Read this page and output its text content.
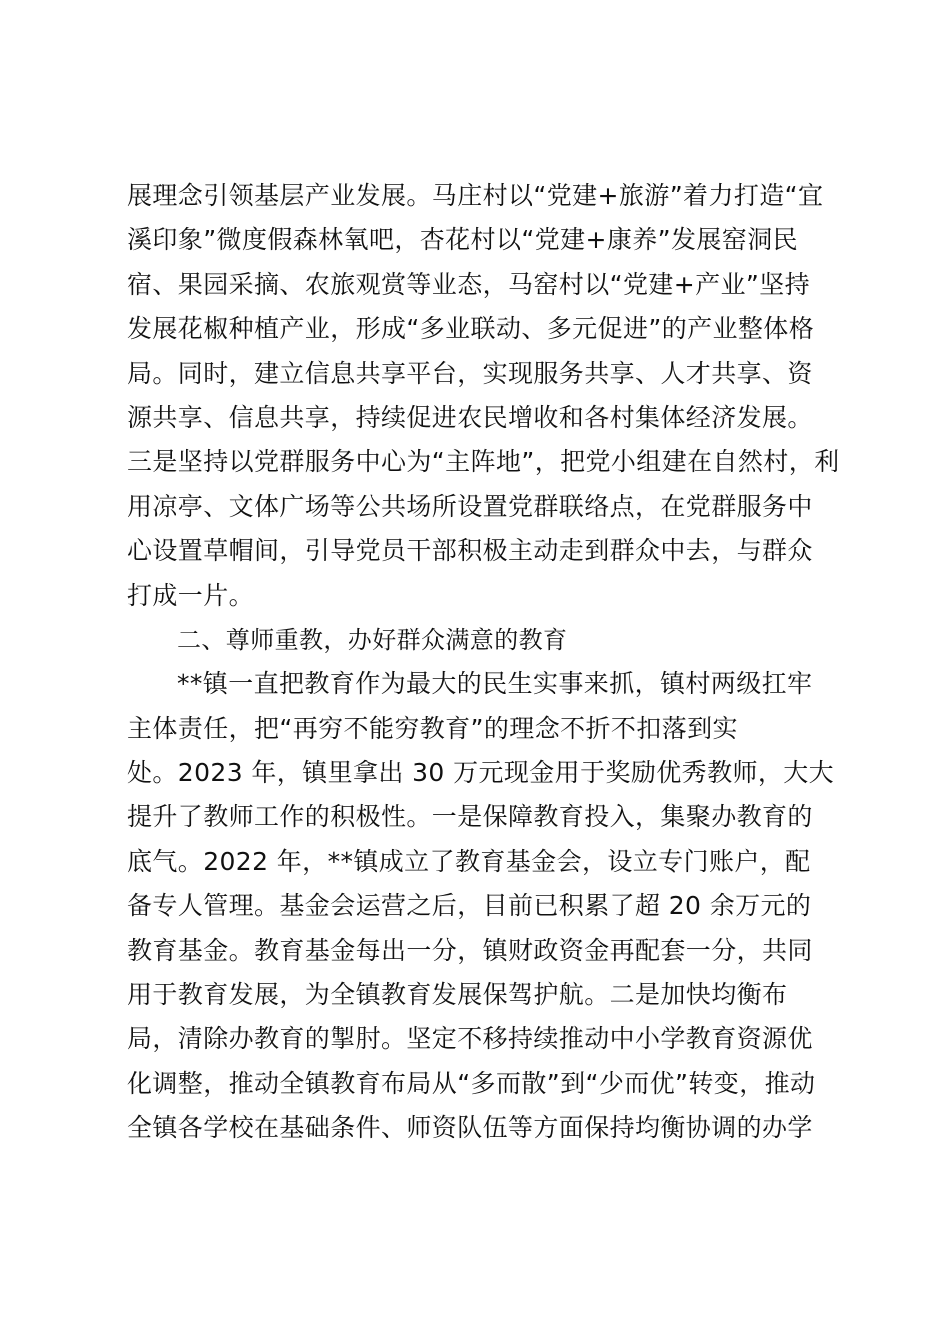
展理念引领基层产业发展。马庄村以“党建+旅游”着力打造“宜
溪印象”微度假森林氧吧，杏花村以“党建+康养”发展窑洞民
宿、果园采摘、农旅观赏等业态，马窑村以“党建+产业”坚持
发展花椒种植产业，形成“多业联动、多元促进”的产业整体格
局。同时，建立信息共享平台，实现服务共享、人才共享、资
源共享、信息共享，持续促进农民增收和各村集体经济发展。
三是坚持以党群服务中心为“主阵地”，把党小组建在自然村，利
用凉亭、文体广场等公共场所设置党群联络点，在党群服务中
心设置草帽间，引导党员干部积极主动走到群众中去，与群众
打成一片。
二、尊师重教，办好群众满意的教育
**镇一直把教育作为最大的民生实事来抓，镇村两级扛牢
主体责任，把“再穷不能穷教育”的理念不折不扣落到实
处。2023 年，镇里拿出 30 万元现金用于奖励优秀教师，大大
提升了教师工作的积极性。一是保障教育投入，集聚办教育的
底气。2022 年，**镇成立了教育基金会，设立专门账户，配
备专人管理。基金会运营之后，目前已积累了超 20 余万元的
教育基金。教育基金每出一分，镇财政资金再配套一分，共同
用于教育发展，为全镇教育发展保驾护航。二是加快均衡布
局，清除办教育的掣肘。坚定不移持续推动中小学教育资源优
化调整，推动全镇教育布局从“多而散”到“少而优”转变，推动
全镇各学校在基础条件、师资队伍等方面保持均衡协调的办学
